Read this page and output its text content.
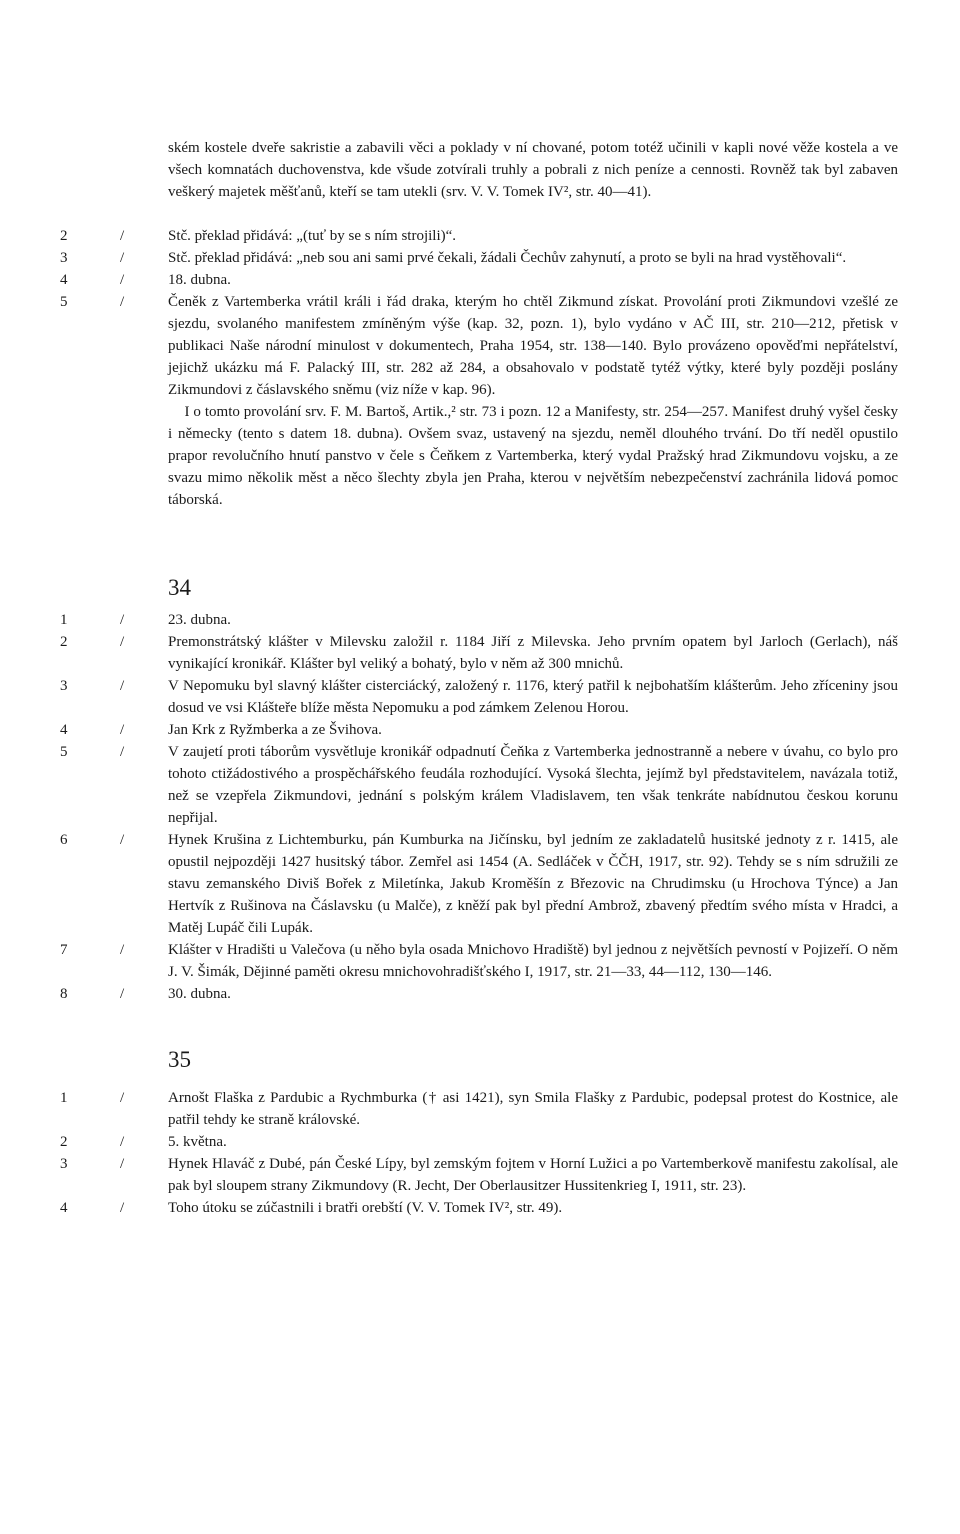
ském kostele dveře sakristie a zabavili věci a poklady v ní chované, potom totéž učinili v kapli nové věže kostela a ve všech komnatách duchovenstva, kde všude zotvírali truhly a pobrali z nich peníze a cennosti. Rovněž tak byl zabaven veškerý majetek měšťanů, kteří se tam utekli (srv. V. V. Tomek IV², str. 40—41).
2	/	Stč. překlad přidává: „(tuť by se s ním strojili)“.
3	/	Stč. překlad přidává: „neb sou ani sami prvé čekali, žádali Čechův zahynutí, a proto se byli na hrad vystěhovali“.
4	/	18. dubna.
5	/	Čeněk z Vartemberka vrátil králi i řád draka, kterým ho chtěl Zikmund získat. Provolání proti Zikmundovi vzešlé ze sjezdu, svolaného manifestem zmíněným výše (kap. 32, pozn. 1), bylo vydáno v AČ III, str. 210—212, přetisk v publikaci Naše národní minulost v dokumentech, Praha 1954, str. 138—140. Bylo provázeno opověďmi nepřátelství, jejichž ukázku má F. Palacký III, str. 282 až 284, a obsahovalo v podstatě tytéž výtky, které byly později poslány Zikmundovi z čáslavského sněmu (viz níže v kap. 96).

I o tomto provolání srv. F. M. Bartoš, Artik.,² str. 73 i pozn. 12 a Manifesty, str. 254—257. Manifest druhý vyšel česky i německy (tento s datem 18. dubna). Ovšem svaz, ustavený na sjezdu, neměl dlouhého trvání. Do tří neděl opustilo prapor revolučního hnutí panstvo v čele s Čeňkem z Vartemberka, který vydal Pražský hrad Zikmundovu vojsku, a ze svazu mimo několik měst a něco šlechty zbyla jen Praha, kterou v největším nebezpečenství zachránila lidová pomoc táborská.

34
1	/	23. dubna.
2	/	Premonstrátský klášter v Milevsku založil r. 1184 Jiří z Milevska. Jeho prvním opatem byl Jarloch (Gerlach), náš vynikající kronikář. Klášter byl veliký a bohatý, bylo v něm až 300 mnichů.
3	/	V Nepomuku byl slavný klášter cisterciácký, založený r. 1176, který patřil k nejbohatším klášterům. Jeho zříceniny jsou dosud ve vsi Klášteře blíže města Nepomuku a pod zámkem Zelenou Horou.
4	/	Jan Krk z Ryžmberka a ze Švihova.
5	/	V zaujetí proti táborům vysvětluje kronikář odpadnutí Čeňka z Vartemberka jednostranně a nebere v úvahu, co bylo pro tohoto ctižádostivého a prospěchářského feudála rozhodující. Vysoká šlechta, jejímž byl představitelem, navázala totiž, než se vzepřela Zikmundovi, jednání s polským králem Vladislavem, ten však tenkráte nabídnutou českou korunu nepřijal.
6	/	Hynek Krušina z Lichtemburku, pán Kumburka na Jičínsku, byl jedním ze zakladatelů husitské jednoty z r. 1415, ale opustil nejpozději 1427 husitský tábor. Zemřel asi 1454 (A. Sedláček v ČČH, 1917, str. 92). Tehdy se s ním sdružili ze stavu zemanského Diviš Bořek z Miletínka, Jakub Kroměšín z Březovic na Chrudimsku (u Hrochova Týnce) a Jan Hertvík z Rušinova na Čáslavsku (u Malče), z kněží pak byl přední Ambrož, zbavený předtím svého místa v Hradci, a Matěj Lupáč čili Lupák.
7	/	Klášter v Hradišti u Valečova (u něho byla osada Mnichovo Hradiště) byl jednou z největších pevností v Pojizeří. O něm J. V. Šimák, Dějinné paměti okresu mnichovohradišťského I, 1917, str. 21—33, 44—112, 130—146.
8	/	30. dubna.
35
1	/	Arnošt Flaška z Pardubic a Rychmburka († asi 1421), syn Smila Flašky z Pardubic, podepsal protest do Kostnice, ale patřil tehdy ke straně královské.
2	/	5. května.
3	/	Hynek Hlaváč z Dubé, pán České Lípy, byl zemským fojtem v Horní Lužici a po Vartemberkově manifestu zakolísal, ale pak byl sloupem strany Zikmundovy (R. Jecht, Der Oberlausitzer Hussitenkrieg I, 1911, str. 23).
4	/	Toho útoku se zúčastnili i bratři orebští (V. V. Tomek IV², str. 49).
